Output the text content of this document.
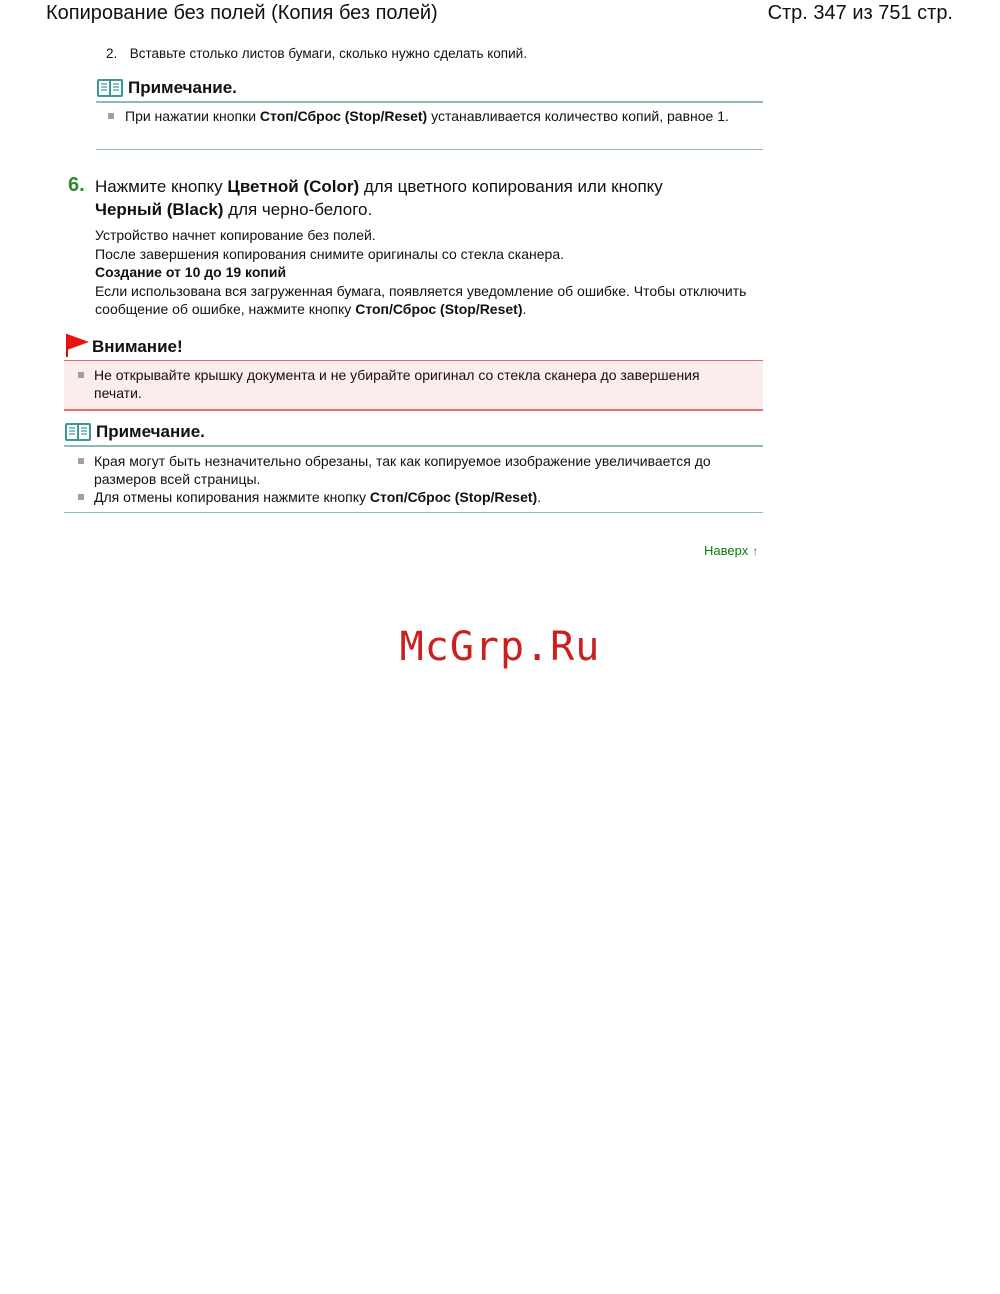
Копирование без полей (Копия без полей)	Стр. 347 из 751 стр.
2. Вставьте столько листов бумаги, сколько нужно сделать копий.
Примечание.
При нажатии кнопки Стоп/Сброс (Stop/Reset) устанавливается количество копий, равное 1.
6. Нажмите кнопку Цветной (Color) для цветного копирования или кнопку
Черный (Black) для черно-белого.

Устройство начнет копирование без полей.

После завершения копирования снимите оригиналы со стекла сканера.

Создание от 10 до 19 копий

Если использована вся загруженная бумага, появляется уведомление об ошибке. Чтобы отключить сообщение об ошибке, нажмите кнопку Стоп/Сброс (Stop/Reset).

Внимание!
Не открывайте крышку документа и не убирайте оригинал со стекла сканера до завершения печати.
Примечание.
Края могут быть незначительно обрезаны, так как копируемое изображение увеличивается до размеров всей страницы.
Для отмены копирования нажмите кнопку Стоп/Сброс (Stop/Reset).
Наверх ↑
McGrp.Ru
